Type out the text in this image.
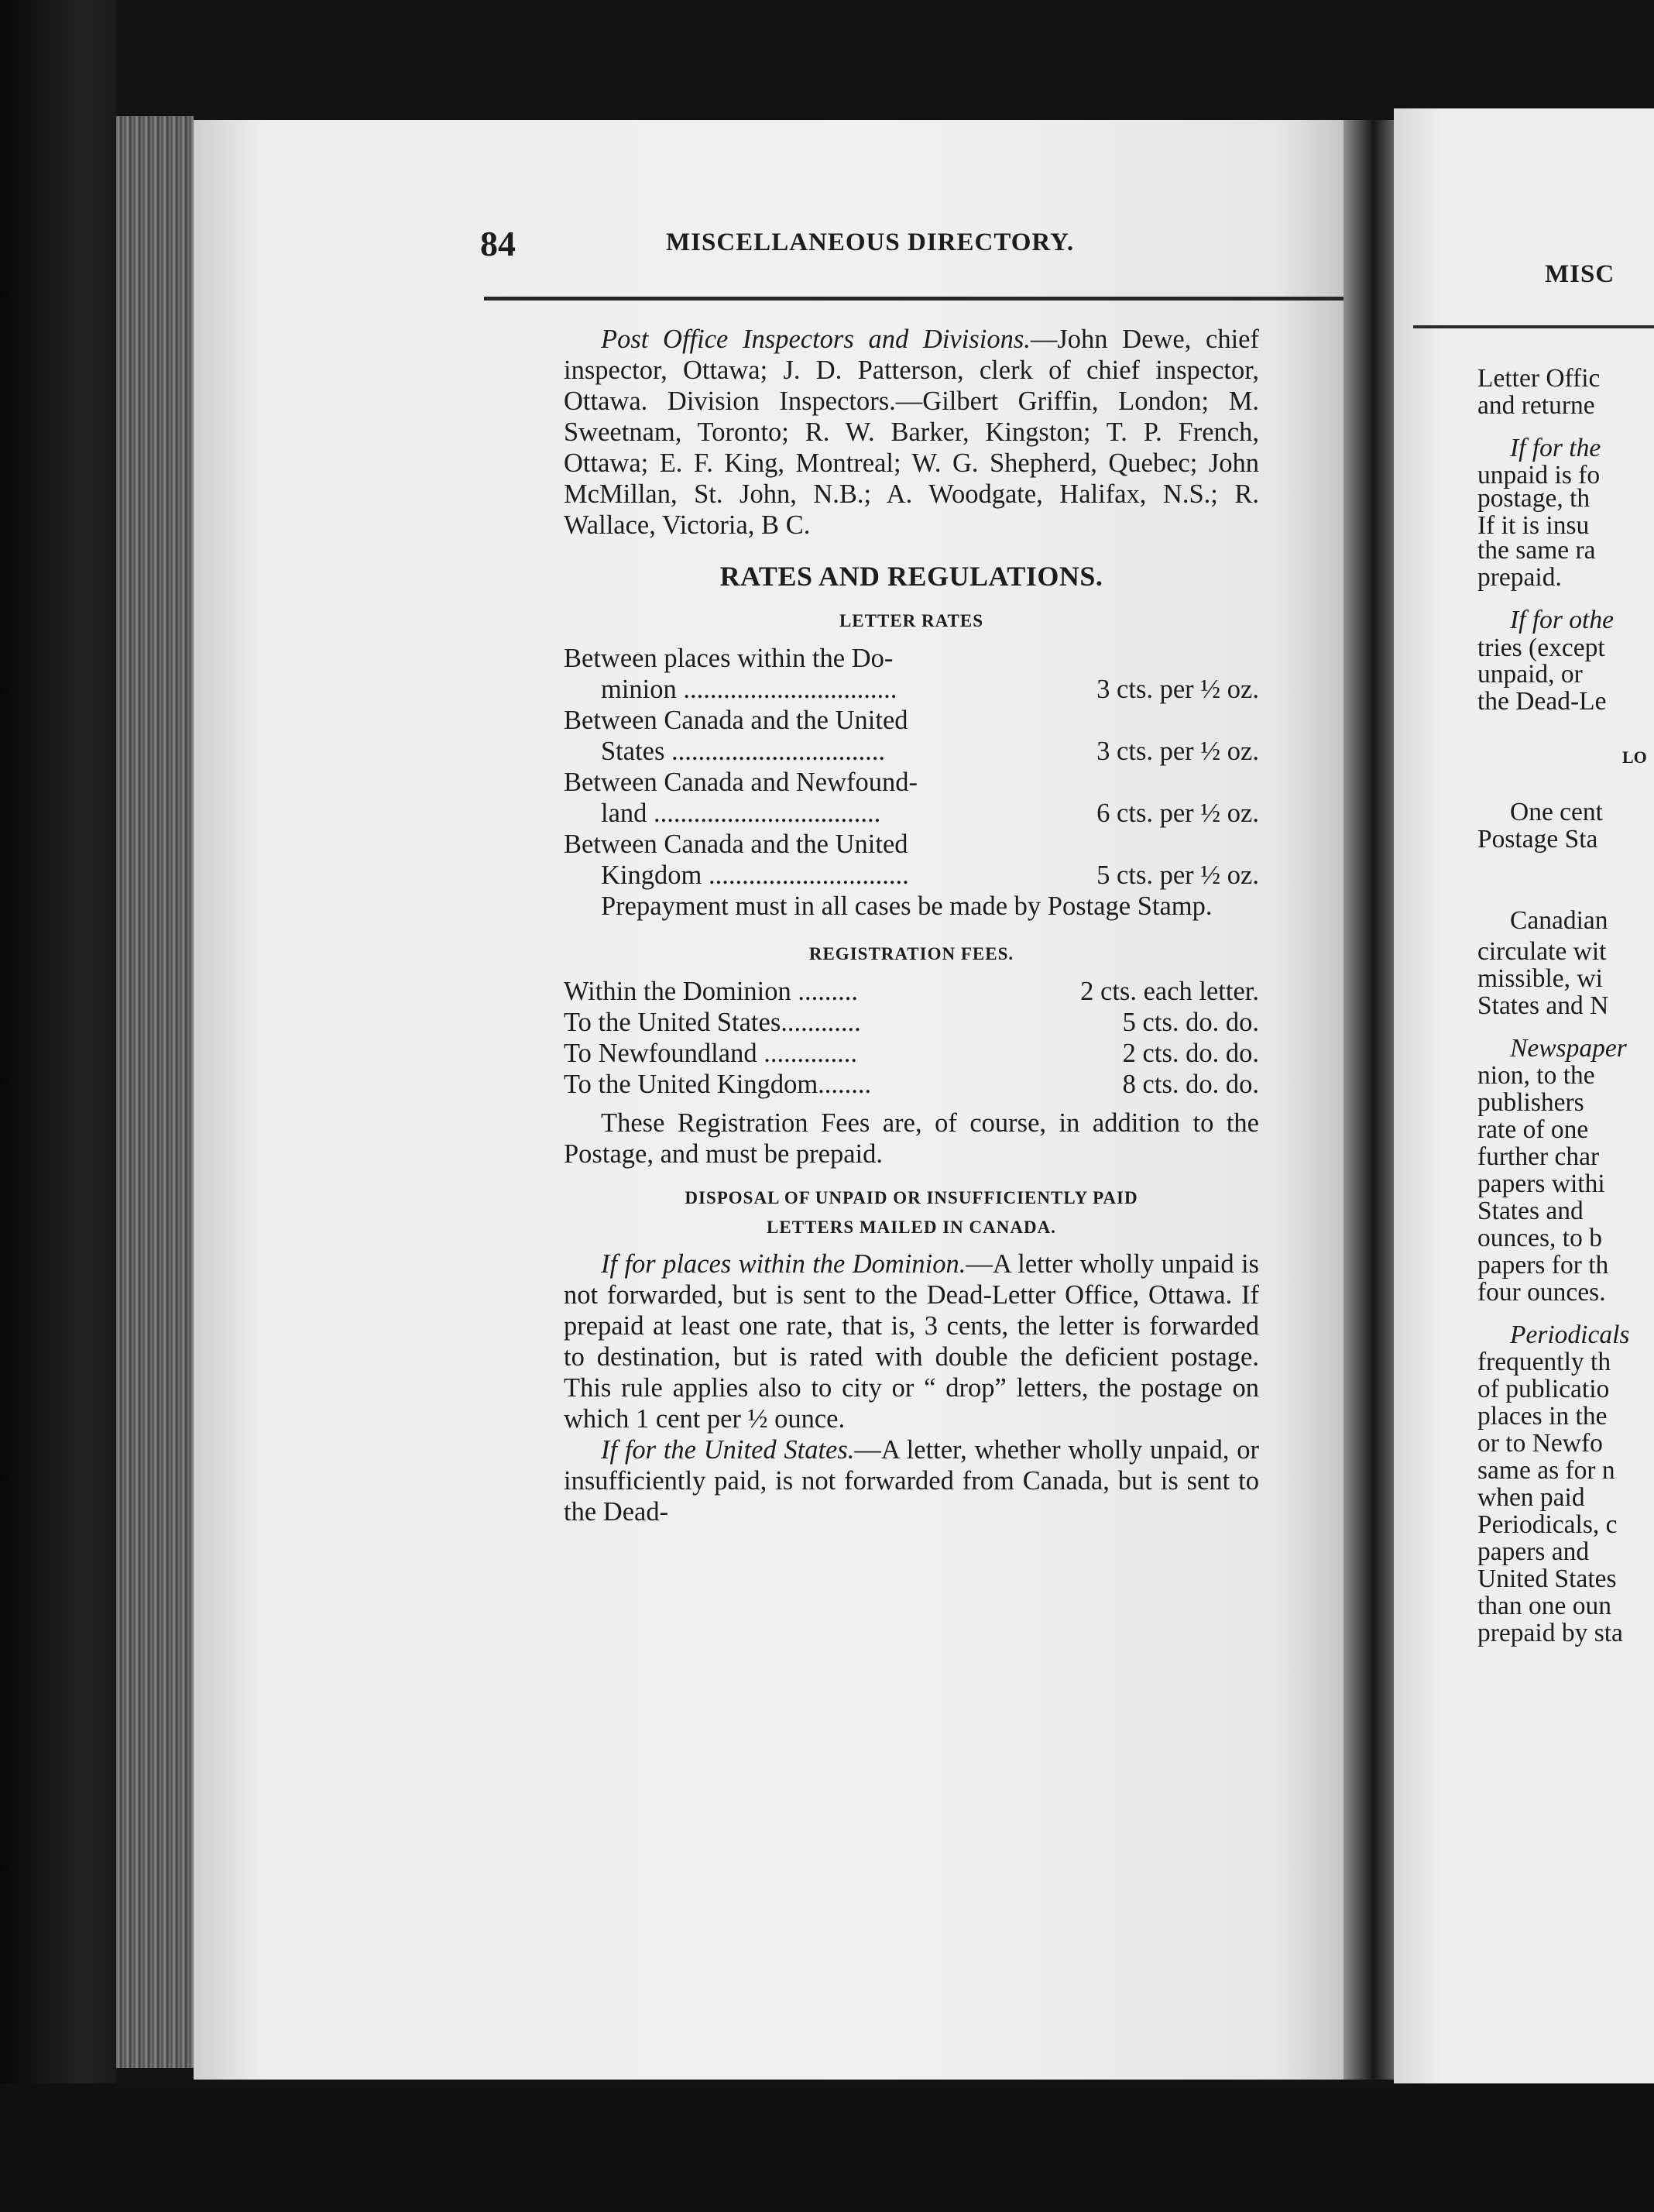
84	MISCELLANEOUS DIRECTORY.

Post Office Inspectors and Divisions.—John Dewe, chief inspector, Ottawa; J. D. Patterson, clerk of chief inspector, Ottawa. Division Inspectors.—Gilbert Griffin, London; M. Sweetnam, Toronto; R. W. Barker, Kingston; T. P. French, Ottawa; E. F. King, Montreal; W. G. Shepherd, Quebec; John McMillan, St. John, N.B.; A. Woodgate, Halifax, N.S.; R. Wallace, Victoria, B C.

RATES AND REGULATIONS.
LETTER RATES
Between places within the Do-
minion ................................	3 cts. per ½ oz.
Between Canada and the United
States ................................	3 cts. per ½ oz.
Between Canada and Newfound-
land ..................................	6 cts. per ½ oz.
Between Canada and the United
Kingdom ..............................	5 cts. per ½ oz.

Prepayment must in all cases be made by Postage Stamp.

REGISTRATION FEES.
Within the Dominion .........	2 cts. each letter.
To the United States............	5 cts. do. do.
To Newfoundland ..............	2 cts. do. do.
To the United Kingdom........	8 cts. do. do.

These Registration Fees are, of course, in addition to the Postage, and must be prepaid.

DISPOSAL OF UNPAID OR INSUFFICIENTLY PAID
LETTERS MAILED IN CANADA.

If for places within the Dominion.—A letter wholly unpaid is not forwarded, but is sent to the Dead-Letter Office, Ottawa. If prepaid at least one rate, that is, 3 cents, the letter is forwarded to destination, but is rated with double the deficient postage. This rule applies also to city or “ drop” letters, the postage on which 1 cent per ½ ounce.

If for the United States.—A letter, whether wholly unpaid, or insufficiently paid, is not forwarded from Canada, but is sent to the Dead-

MISC
Letter Offic
and returne
If for the
unpaid is fo
postage, th
If it is insu
the same ra
prepaid.
If for othe
tries (except
unpaid, or
the Dead-Le
LO
One cent
Postage Sta
Canadian
circulate wit
missible, wi
States and N
Newspaper
nion, to the
publishers
rate of one
further char
papers withi
States and
ounces, to b
papers for th
four ounces.
Periodicals
frequently th
of publicatio
places in the
or to Newfo
same as for n
when paid
Periodicals, c
papers and
United States
than one oun
prepaid by sta
